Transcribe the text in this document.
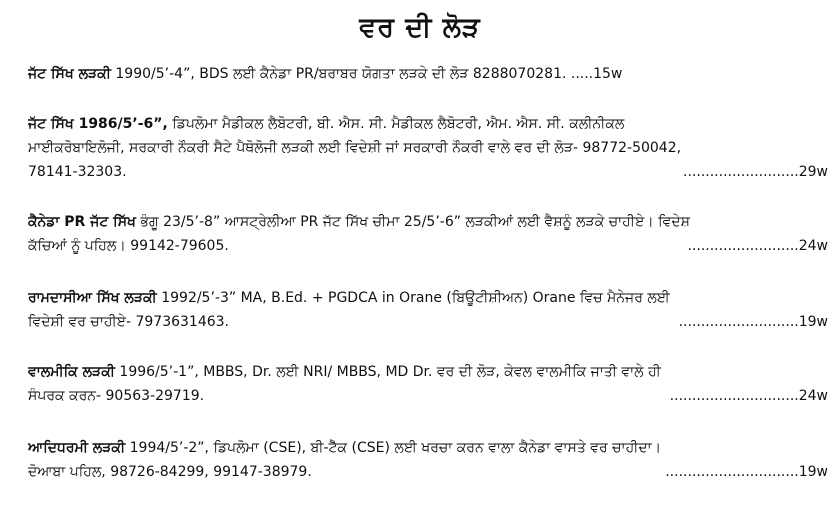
ਵਰ ਦੀ ਲੋੜ
ਜੱਟ ਸਿੱਖ ਲੜਕੀ 1990/5’-4”, BDS ਲਈ ਕੈਨੇਡਾ PR/ਬਰਾਬਰ ਯੋਗਤਾ ਲੜਕੇ ਦੀ ਲੋੜ 8288070281. .....15w
ਜੱਟ ਸਿੱਖ 1986/5’-6”, ਡਿਪਲੋਮਾ ਮੈਡੀਕਲ ਲੈਬੋਟਰੀ, ਬੀ. ਐਸ. ਸੀ. ਮੈਡੀਕਲ ਲੈਬੋਟਰੀ, ਐਮ. ਐਸ. ਸੀ. ਕਲੀਨੀਕਲ
ਮਾਈਕਰੋਬਾਇਲੋਜੀ, ਸਰਕਾਰੀ ਨੌਕਰੀ ਸੈਟੇ ਪੈਥੋਲੋਜੀ ਲੜਕੀ ਲਈ ਵਿਦੇਸ਼ੀ ਜਾਂ ਸਰਕਾਰੀ ਨੌਕਰੀ ਵਾਲੇ ਵਰ ਦੀ ਲੋੜ- 98772-50042,
78141-32303.	..........................29w
ਕੈਨੇਡਾ PR ਜੱਟ ਸਿੱਖ ਭੰਗੂ 23/5’-8” ਆਸਟ੍ਰੇਲੀਆ PR ਜੱਟ ਸਿੱਖ ਚੀਮਾ 25/5’-6” ਲੜਕੀਆਂ ਲਈ ਵੈਸ਼ਨੂੰ ਲੜਕੇ ਚਾਹੀਏ। ਵਿਦੇਸ਼
ਕੱਚਿਆਂ ਨੂੰ ਪਹਿਲ। 99142-79605.	.........................24w
ਰਾਮਦਾਸੀਆ ਸਿੱਖ ਲੜਕੀ 1992/5’-3” MA, B.Ed. + PGDCA in Orane (ਬਿਊਟੀਸ਼ੀਅਨ) Orane ਵਿਚ ਮੈਨੇਜਰ ਲਈ
ਵਿਦੇਸ਼ੀ ਵਰ ਚਾਹੀਏ- 7973631463.	...........................19w
ਵਾਲਮੀਕਿ ਲੜਕੀ 1996/5’-1”, MBBS, Dr. ਲਈ NRI/ MBBS, MD Dr. ਵਰ ਦੀ ਲੋੜ, ਕੇਵਲ ਵਾਲਮੀਕਿ ਜਾਤੀ ਵਾਲੇ ਹੀ
ਸੰਪਰਕ ਕਰਨ- 90563-29719.	.............................24w
ਆਦਿਧਰਮੀ ਲੜਕੀ 1994/5’-2”, ਡਿਪਲੋਮਾ (CSE), ਬੀ-ਟੈੱਕ (CSE) ਲਈ ਖਰਚਾ ਕਰਨ ਵਾਲਾ ਕੈਨੇਡਾ ਵਾਸਤੇ ਵਰ ਚਾਹੀਦਾ।
ਦੋਆਬਾ ਪਹਿਲ, 98726-84299, 99147-38979.	..............................19w
